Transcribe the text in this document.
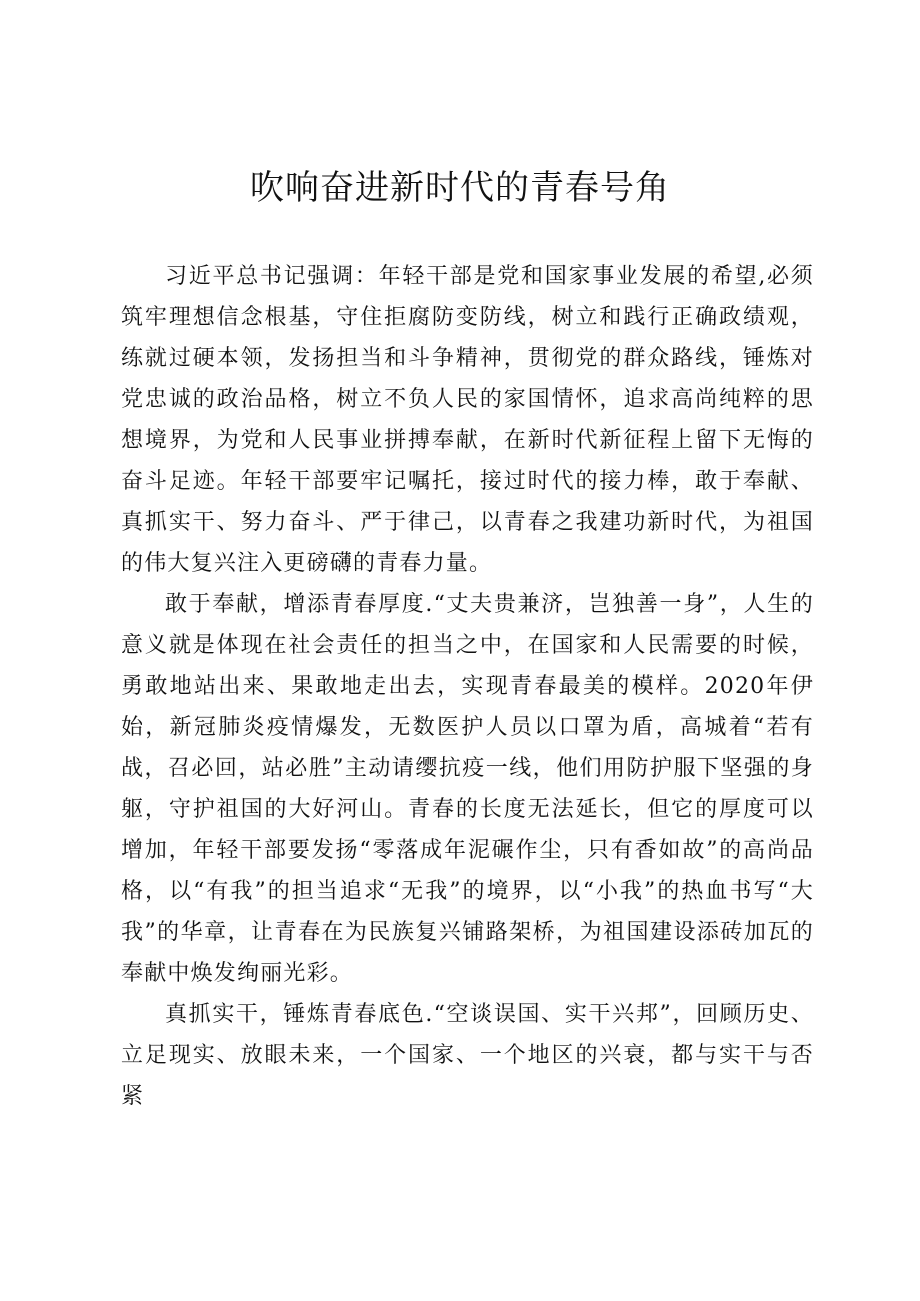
吹响奋进新时代的青春号角

习近平总书记强调：年轻干部是党和国家事业发展的希望,必须筑牢理想信念根基，守住拒腐防变防线，树立和践行正确政绩观，练就过硬本领，发扬担当和斗争精神，贯彻党的群众路线，锤炼对党忠诚的政治品格，树立不负人民的家国情怀，追求高尚纯粹的思想境界，为党和人民事业拼搏奉献，在新时代新征程上留下无悔的奋斗足迹。年轻干部要牢记嘱托，接过时代的接力棒，敢于奉献、真抓实干、努力奋斗、严于律己，以青春之我建功新时代，为祖国的伟大复兴注入更磅礴的青春力量。

敢于奉献，增添青春厚度.“丈夫贵兼济，岂独善一身”，人生的意义就是体现在社会责任的担当之中，在国家和人民需要的时候，勇敢地站出来、果敢地走出去，实现青春最美的模样。2020年伊始，新冠肺炎疫情爆发，无数医护人员以口罩为盾，高城着“若有战，召必回，站必胜”主动请缨抗疫一线，他们用防护服下坚强的身躯，守护祖国的大好河山。青春的长度无法延长，但它的厚度可以增加，年轻干部要发扬“零落成年泥碾作尘，只有香如故”的高尚品格，以“有我”的担当追求“无我”的境界，以“小我”的热血书写“大我”的华章，让青春在为民族复兴铺路架桥，为祖国建设添砖加瓦的奉献中焕发绚丽光彩。

真抓实干，锤炼青春底色.“空谈误国、实干兴邦”，回顾历史、立足现实、放眼未来，一个国家、一个地区的兴衰，都与实干与否紧
